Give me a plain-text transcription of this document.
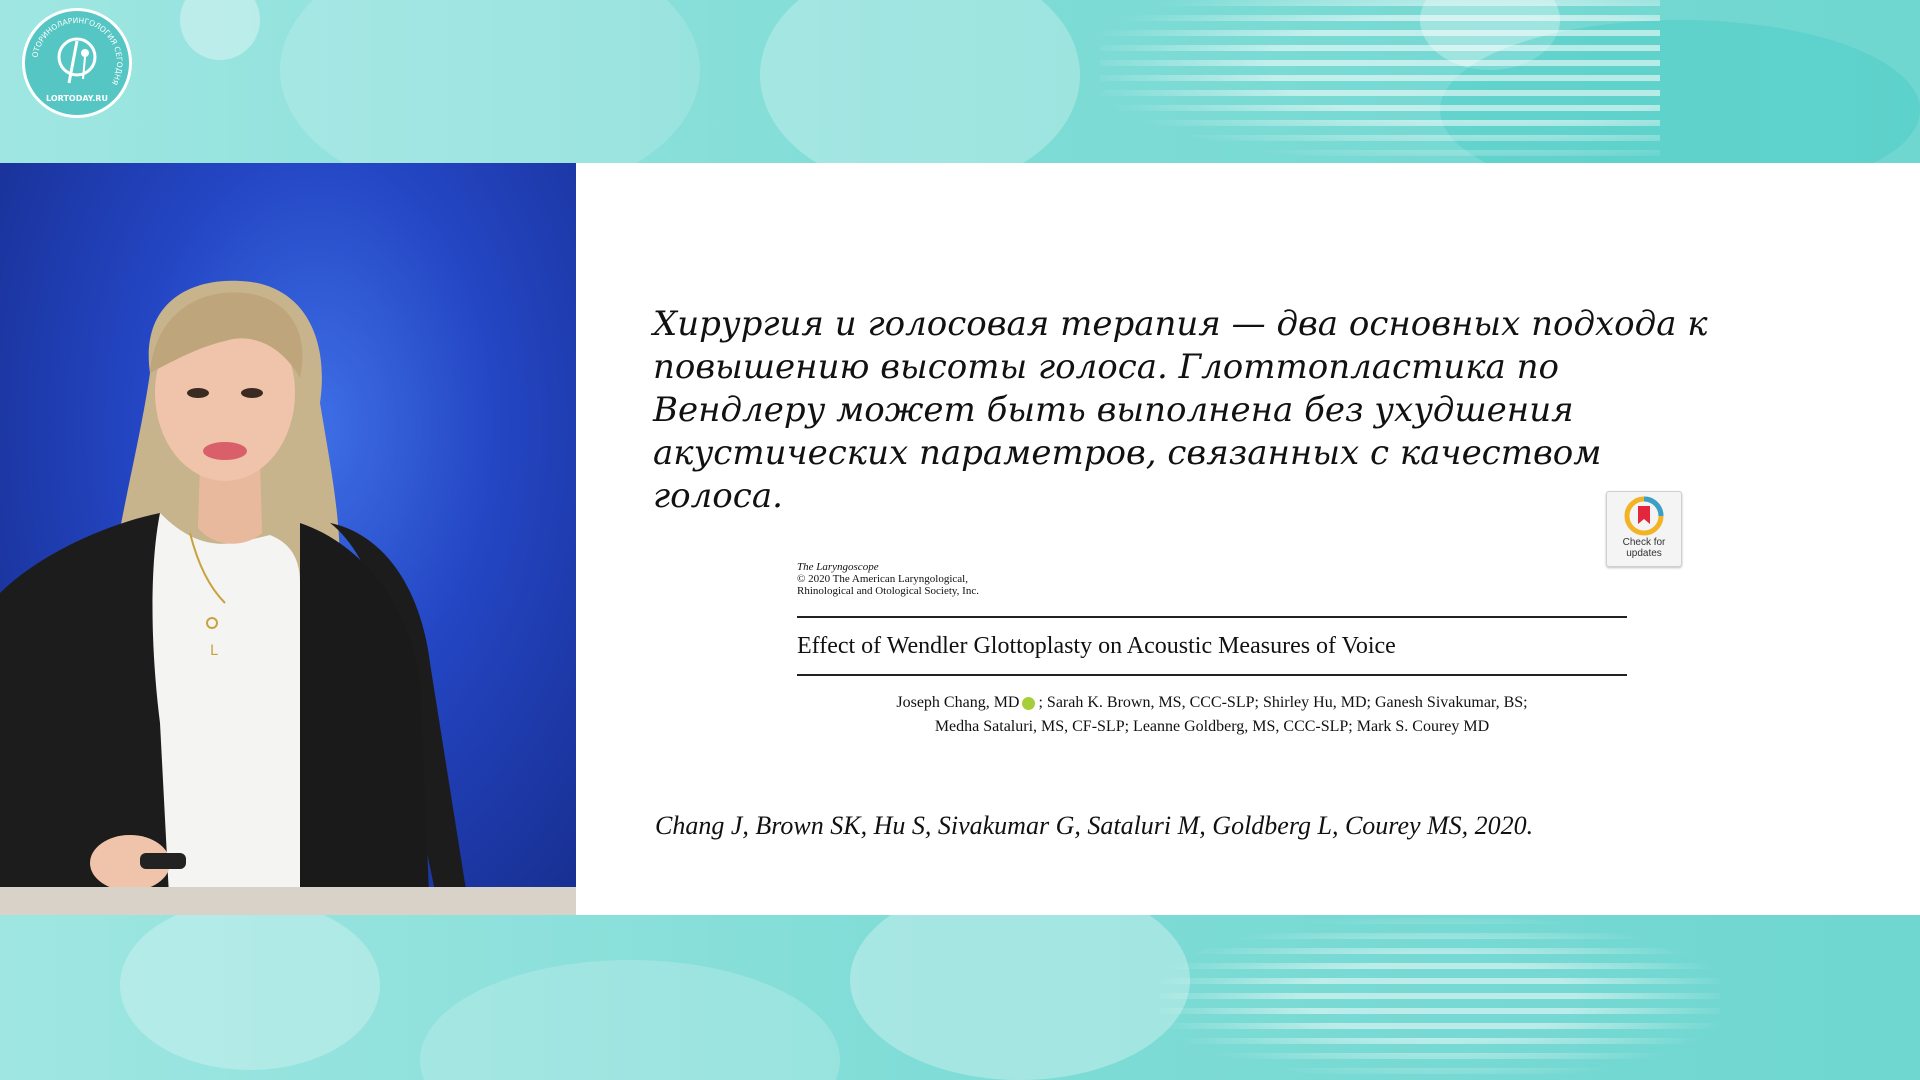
ОТОРИНОЛАРИНГОЛОГИЯ СЕГОДНЯ
LORTODAY.RU
L
Хирургия и голосовая терапия — два основных подхода к повышению высоты голоса. Глоттопластика по Вендлеру может быть выполнена без ухудшения акустических параметров, связанных с качеством голоса.
Check for
updates
The Laryngoscope
© 2020 The American Laryngological,
Rhinological and Otological Society, Inc.
Effect of Wendler Glottoplasty on Acoustic Measures of Voice
Joseph Chang, MD ; Sarah K. Brown, MS, CCC-SLP; Shirley Hu, MD; Ganesh Sivakumar, BS;
Medha Sataluri, MS, CF-SLP; Leanne Goldberg, MS, CCC-SLP; Mark S. Courey MD
Chang J, Brown SK, Hu S, Sivakumar G, Sataluri M, Goldberg L, Courey MS, 2020.
